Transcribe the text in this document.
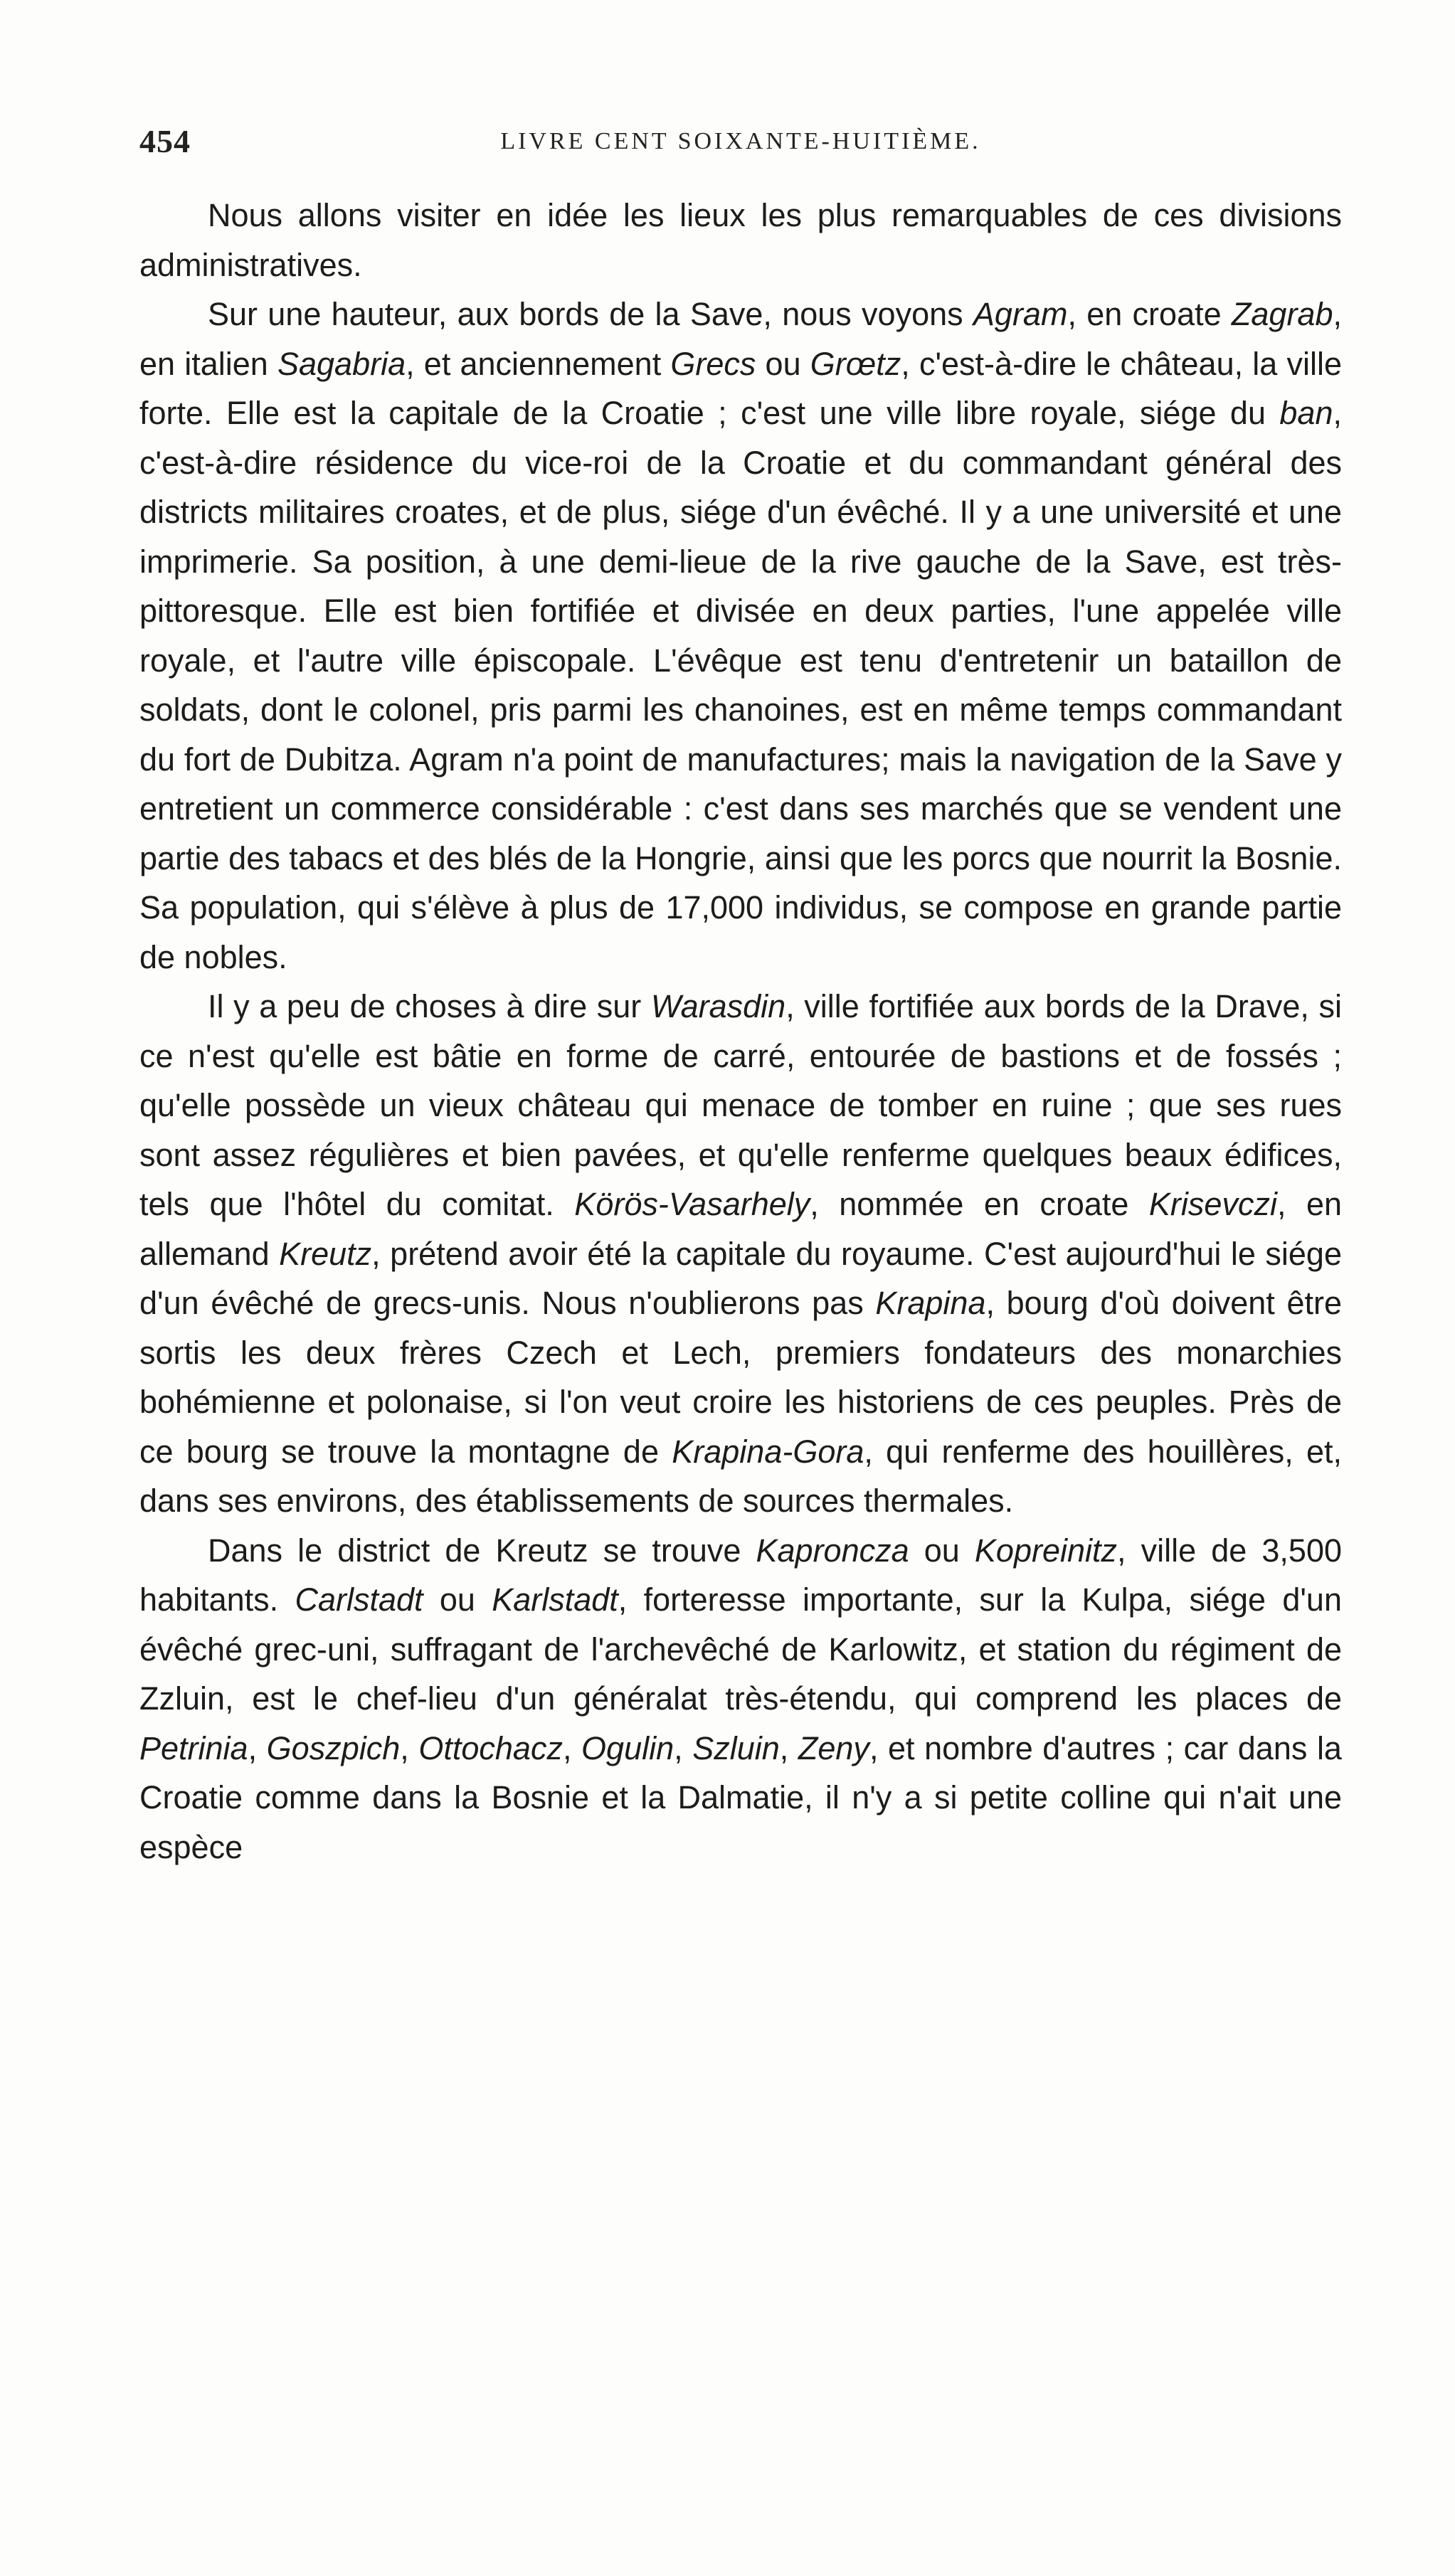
454	LIVRE CENT SOIXANTE-HUITIÈME.

Nous allons visiter en idée les lieux les plus remarquables de ces divisions administratives.

Sur une hauteur, aux bords de la Save, nous voyons Agram, en croate Zagrab, en italien Sagabria, et anciennement Grecs ou Grœtz, c'est-à-dire le château, la ville forte. Elle est la capitale de la Croatie ; c'est une ville libre royale, siége du ban, c'est-à-dire résidence du vice-roi de la Croatie et du commandant général des districts militaires croates, et de plus, siége d'un évêché. Il y a une université et une imprimerie. Sa position, à une demi-lieue de la rive gauche de la Save, est très-pittoresque. Elle est bien fortifiée et divisée en deux parties, l'une appelée ville royale, et l'autre ville épiscopale. L'évêque est tenu d'entretenir un bataillon de soldats, dont le colonel, pris parmi les chanoines, est en même temps commandant du fort de Dubitza. Agram n'a point de manufactures; mais la navigation de la Save y entretient un commerce considérable : c'est dans ses marchés que se vendent une partie des tabacs et des blés de la Hongrie, ainsi que les porcs que nourrit la Bosnie. Sa population, qui s'élève à plus de 17,000 individus, se compose en grande partie de nobles.

Il y a peu de choses à dire sur Warasdin, ville fortifiée aux bords de la Drave, si ce n'est qu'elle est bâtie en forme de carré, entourée de bastions et de fossés ; qu'elle possède un vieux château qui menace de tomber en ruine ; que ses rues sont assez régulières et bien pavées, et qu'elle renferme quelques beaux édifices, tels que l'hôtel du comitat. Körös-Vasarhely, nommée en croate Krisevczi, en allemand Kreutz, prétend avoir été la capitale du royaume. C'est aujourd'hui le siége d'un évêché de grecs-unis. Nous n'oublierons pas Krapina, bourg d'où doivent être sortis les deux frères Czech et Lech, premiers fondateurs des monarchies bohémienne et polonaise, si l'on veut croire les historiens de ces peuples. Près de ce bourg se trouve la montagne de Krapina-Gora, qui renferme des houillères, et, dans ses environs, des établissements de sources thermales.

Dans le district de Kreutz se trouve Kapronсza ou Kopreinitz, ville de 3,500 habitants. Carlstadt ou Karlstadt, forteresse importante, sur la Kulpa, siége d'un évêché grec-uni, suffragant de l'archevêché de Karlowitz, et station du régiment de Zzluin, est le chef-lieu d'un généralat très-étendu, qui comprend les places de Petrinia, Goszpich, Ottochacz, Ogulin, Szluin, Zeny, et nombre d'autres ; car dans la Croatie comme dans la Bosnie et la Dalmatie, il n'y a si petite colline qui n'ait une espèce
